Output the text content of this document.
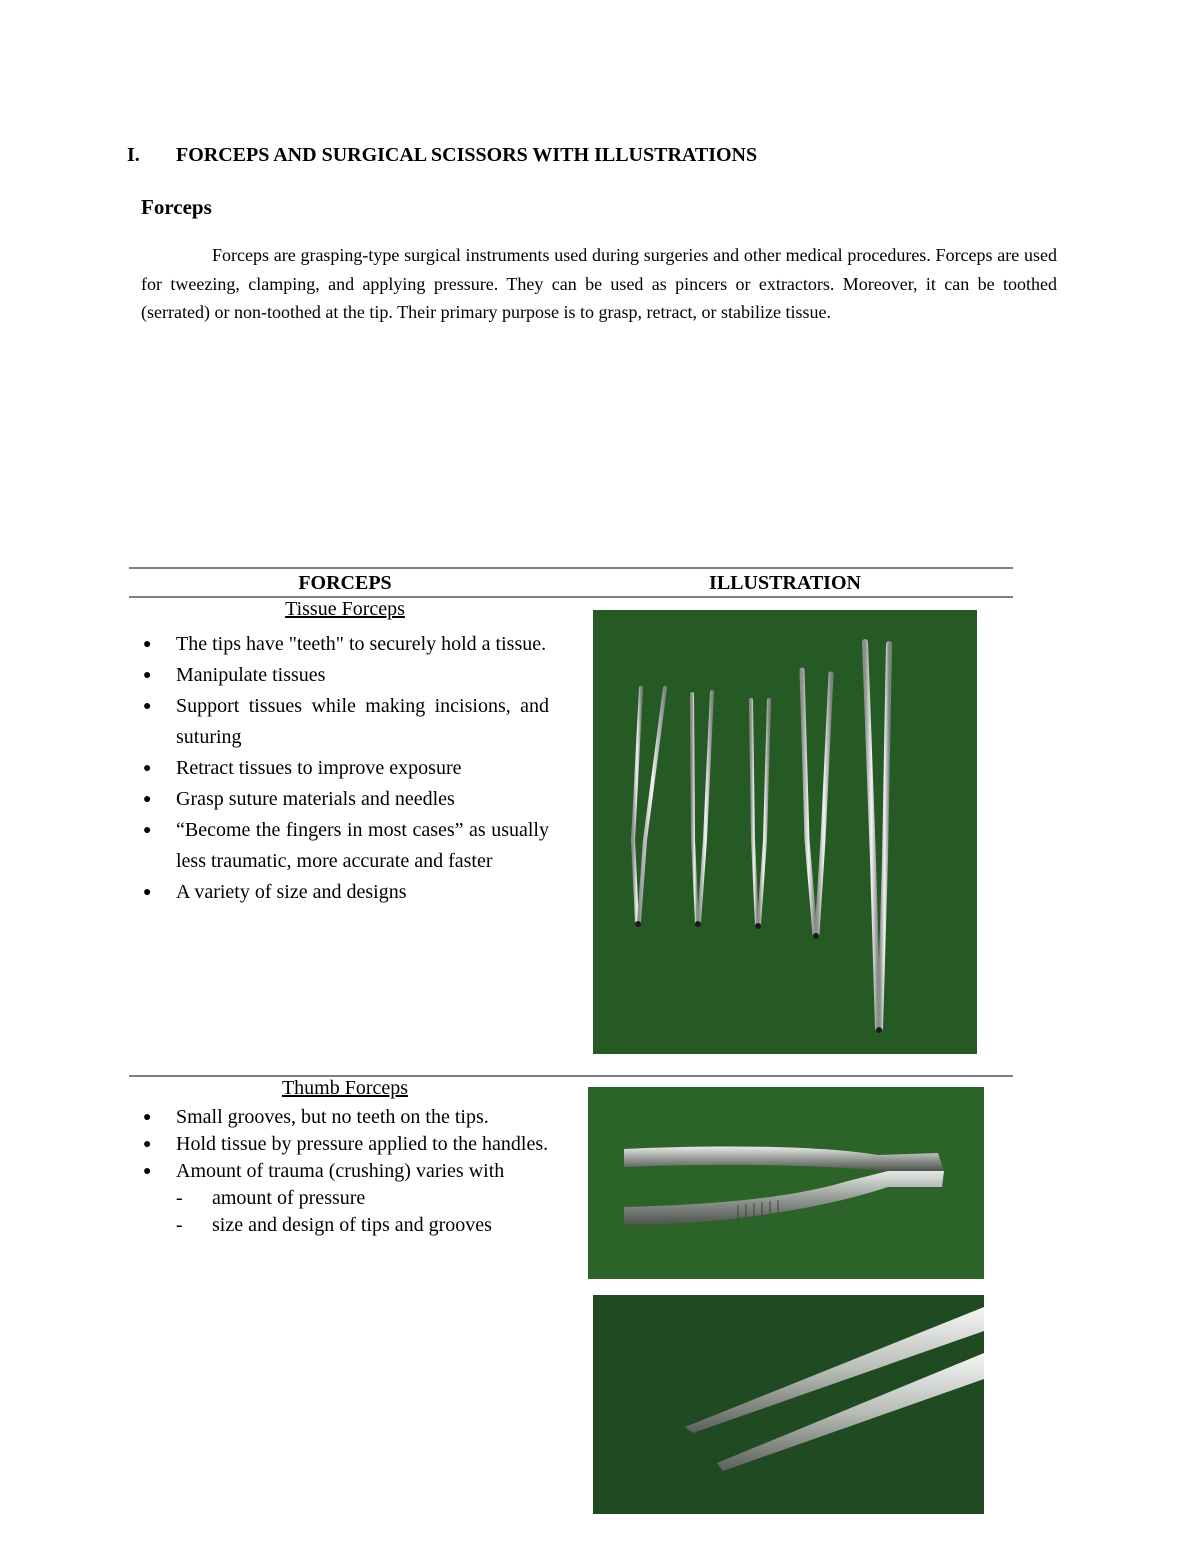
I. FORCEPS AND SURGICAL SCISSORS WITH ILLUSTRATIONS
Forceps

Forceps are grasping-type surgical instruments used during surgeries and other medical procedures. Forceps are used for tweezing, clamping, and applying pressure. They can be used as pincers or extractors. Moreover, it can be toothed (serrated) or non-toothed at the tip. Their primary purpose is to grasp, retract, or stabilize tissue.

FORCEPS	ILLUSTRATION
Tissue Forceps
● The tips have "teeth" to securely hold a tissue.
● Manipulate tissues
● Support tissues while making incisions, and suturing
● Retract tissues to improve exposure
● Grasp suture materials and needles
● “Become the fingers in most cases” as usually less traumatic, more accurate and faster
● A variety of size and designs
Thumb Forceps
● Small grooves, but no teeth on the tips.
● Hold tissue by pressure applied to the handles.
● Amount of trauma (crushing) varies with
- amount of pressure
- size and design of tips and grooves
